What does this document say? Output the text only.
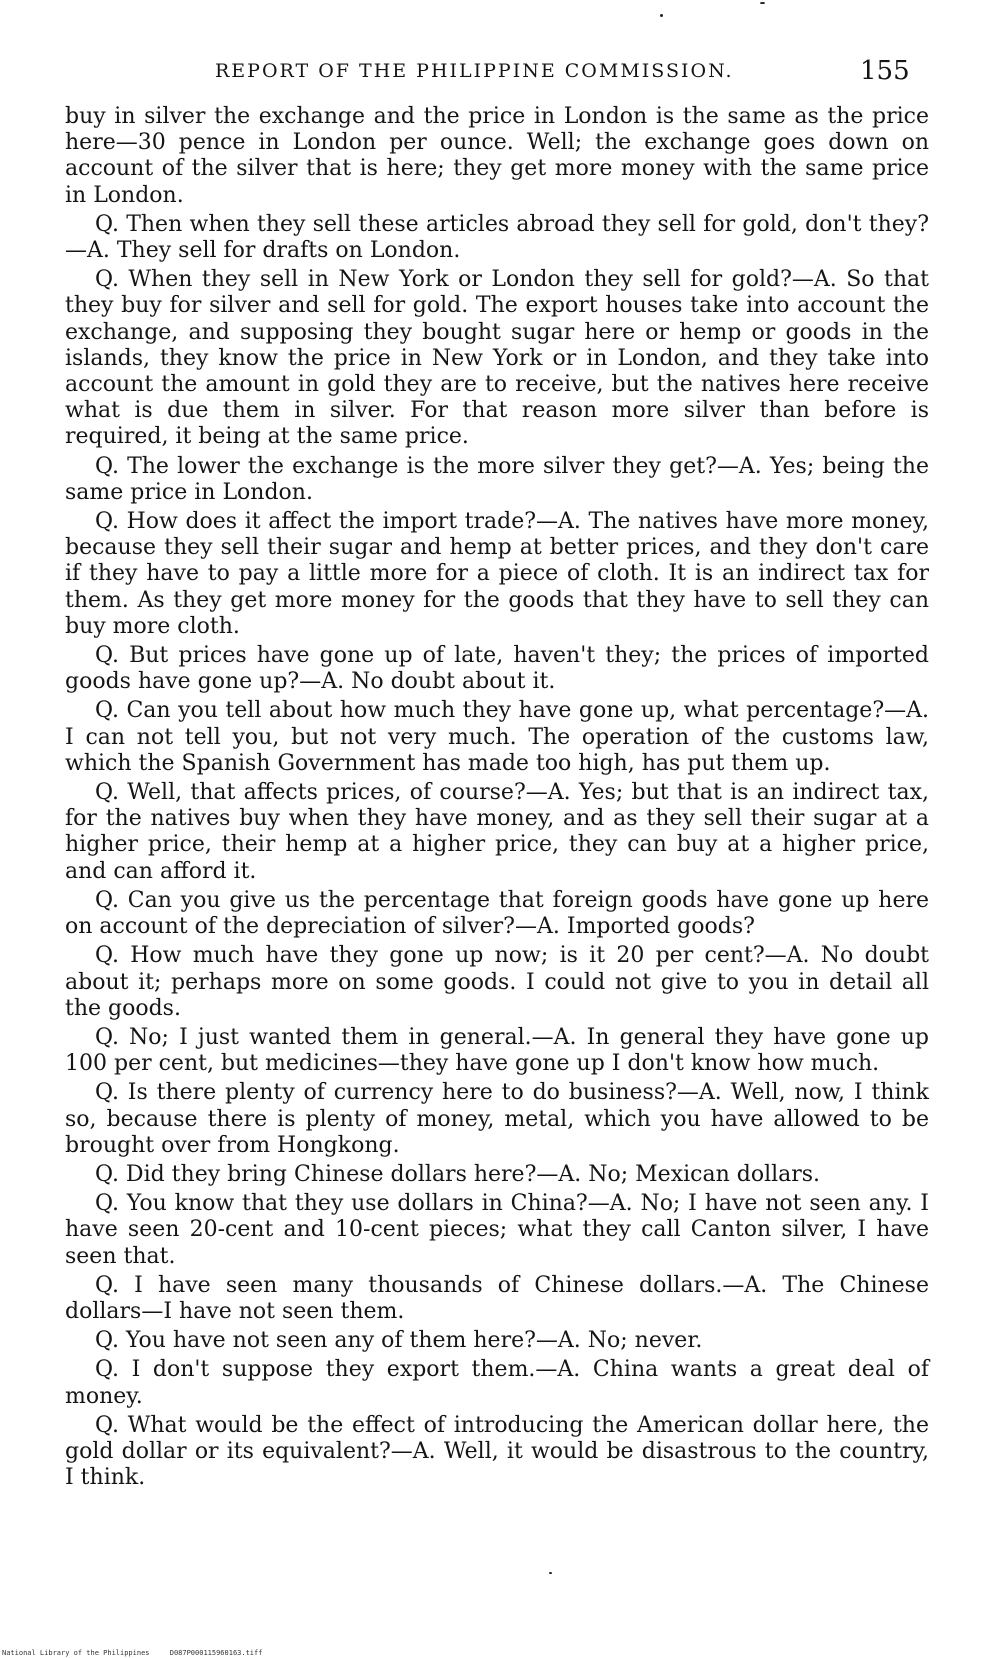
REPORT OF THE PHILIPPINE COMMISSION.	155

buy in silver the exchange and the price in London is the same as the price here—30 pence in London per ounce. Well; the exchange goes down on account of the silver that is here; they get more money with the same price in London.

Q. Then when they sell these articles abroad they sell for gold, don't they?—A. They sell for drafts on London.

Q. When they sell in New York or London they sell for gold?—A. So that they buy for silver and sell for gold. The export houses take into account the exchange, and supposing they bought sugar here or hemp or goods in the islands, they know the price in New York or in London, and they take into account the amount in gold they are to receive, but the natives here receive what is due them in silver. For that reason more silver than before is required, it being at the same price.

Q. The lower the exchange is the more silver they get?—A. Yes; being the same price in London.

Q. How does it affect the import trade?—A. The natives have more money, because they sell their sugar and hemp at better prices, and they don't care if they have to pay a little more for a piece of cloth. It is an indirect tax for them. As they get more money for the goods that they have to sell they can buy more cloth.

Q. But prices have gone up of late, haven't they; the prices of imported goods have gone up?—A. No doubt about it.

Q. Can you tell about how much they have gone up, what percentage?—A. I can not tell you, but not very much. The operation of the customs law, which the Spanish Government has made too high, has put them up.

Q. Well, that affects prices, of course?—A. Yes; but that is an indirect tax, for the natives buy when they have money, and as they sell their sugar at a higher price, their hemp at a higher price, they can buy at a higher price, and can afford it.

Q. Can you give us the percentage that foreign goods have gone up here on account of the depreciation of silver?—A. Imported goods?

Q. How much have they gone up now; is it 20 per cent?—A. No doubt about it; perhaps more on some goods. I could not give to you in detail all the goods.

Q. No; I just wanted them in general.—A. In general they have gone up 100 per cent, but medicines—they have gone up I don't know how much.

Q. Is there plenty of currency here to do business?—A. Well, now, I think so, because there is plenty of money, metal, which you have allowed to be brought over from Hongkong.

Q. Did they bring Chinese dollars here?—A. No; Mexican dollars.

Q. You know that they use dollars in China?—A. No; I have not seen any. I have seen 20-cent and 10-cent pieces; what they call Canton silver, I have seen that.

Q. I have seen many thousands of Chinese dollars.—A. The Chinese dollars—I have not seen them.

Q. You have not seen any of them here?—A. No; never.

Q. I don't suppose they export them.—A. China wants a great deal of money.

Q. What would be the effect of introducing the American dollar here, the gold dollar or its equivalent?—A. Well, it would be disastrous to the country, I think.

National Library of the Philippines	D087P000115960163.tiff
